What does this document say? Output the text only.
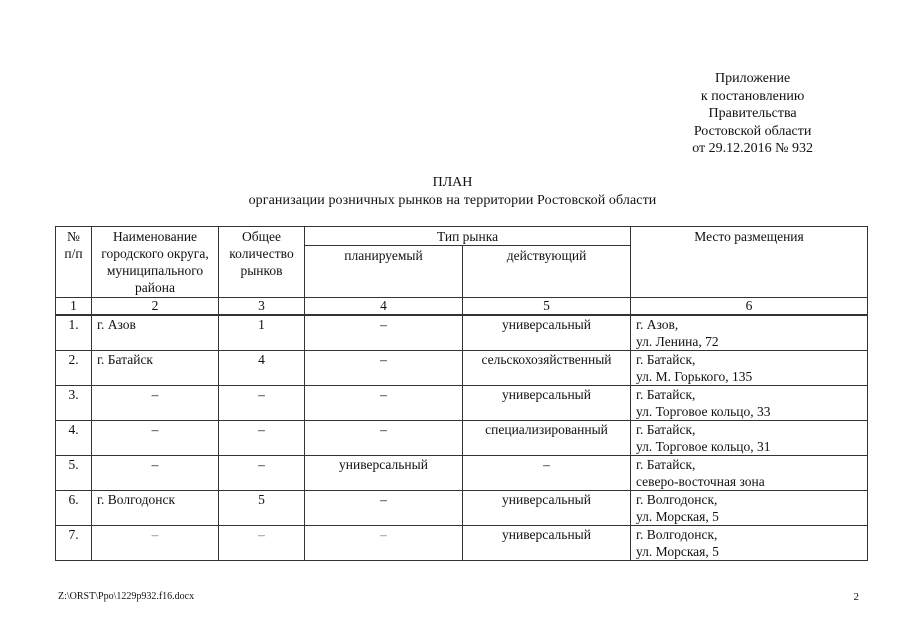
Приложение
к постановлению
Правительства
Ростовской области
от 29.12.2016 № 932
ПЛАН
организации розничных рынков на территории Ростовской области
№ п/п	Наименование городского округа, муниципального района	Общее количество рынков	Тип рынка		Место размещения
			планируемый	действующий	
1	2	3	4	5	6
1.	г. Азов	1	–	универсальный	г. Азов,
ул. Ленина, 72

2.	г. Батайск	4	–	сельскохозяйственный	г. Батайск,
ул. М. Горького, 135

3.	–	–	–	универсальный	г. Батайск,
ул. Торговое кольцо, 33

4.	–	–	–	специализированный	г. Батайск,
ул. Торговое кольцо, 31

5.	–	–	универсальный	–	г. Батайск,
северо-восточная зона

6.	г. Волгодонск	5	–	универсальный	г. Волгодонск,
ул. Морская, 5

7.	–	–	–	универсальный	г. Волгодонск,
ул. Морская, 5
Z:\ORST\Ppo\1229p932.f16.docx	2
